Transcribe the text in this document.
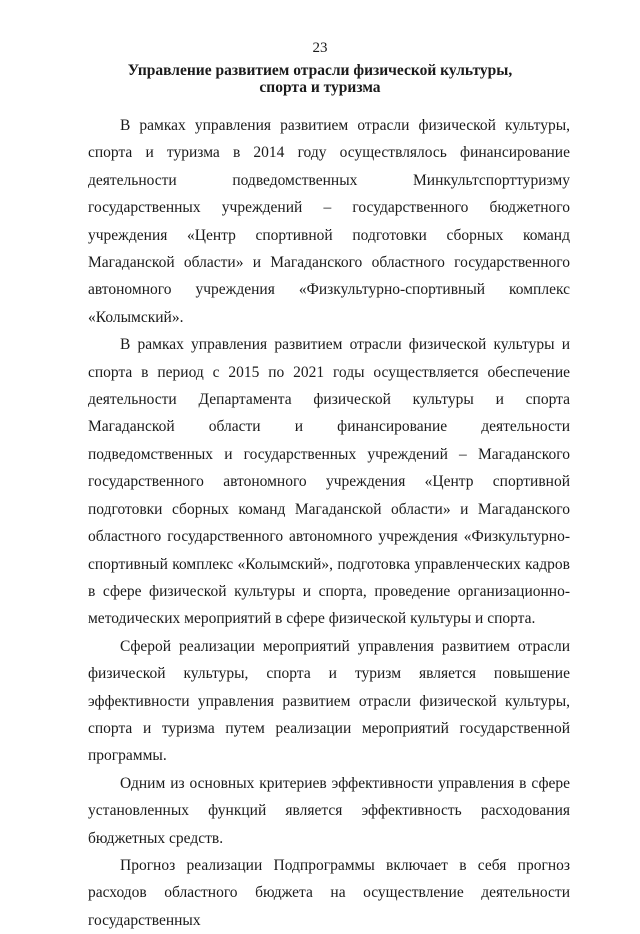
23
Управление развитием отрасли физической культуры,
спорта и туризма

В рамках управления развитием отрасли физической культуры, спорта и туризма в 2014 году осуществлялось финансирование деятельности подведомственных Минкультспорттуризму государственных учреждений – государственного бюджетного учреждения «Центр спортивной подготовки сборных команд Магаданской области» и Магаданского областного государственного автономного учреждения «Физкультурно-спортивный комплекс «Колымский».

В рамках управления развитием отрасли физической культуры и спорта в период с 2015 по 2021 годы осуществляется обеспечение деятельности Департамента физической культуры и спорта Магаданской области и финансирование деятельности подведомственных и государственных учреждений – Магаданского государственного автономного учреждения «Центр спортивной подготовки сборных команд Магаданской области» и Магаданского областного государственного автономного учреждения «Физкультурно-спортивный комплекс «Колымский», подготовка управленческих кадров в сфере физической культуры и спорта, проведение организационно-методических мероприятий в сфере физической культуры и спорта.

Сферой реализации мероприятий управления развитием отрасли физической культуры, спорта и туризм является повышение эффективности управления развитием отрасли физической культуры, спорта и туризма путем реализации мероприятий государственной программы.

Одним из основных критериев эффективности управления в сфере установленных функций является эффективность расходования бюджетных средств.

Прогноз реализации Подпрограммы включает в себя прогноз расходов областного бюджета на осуществление деятельности государственных
